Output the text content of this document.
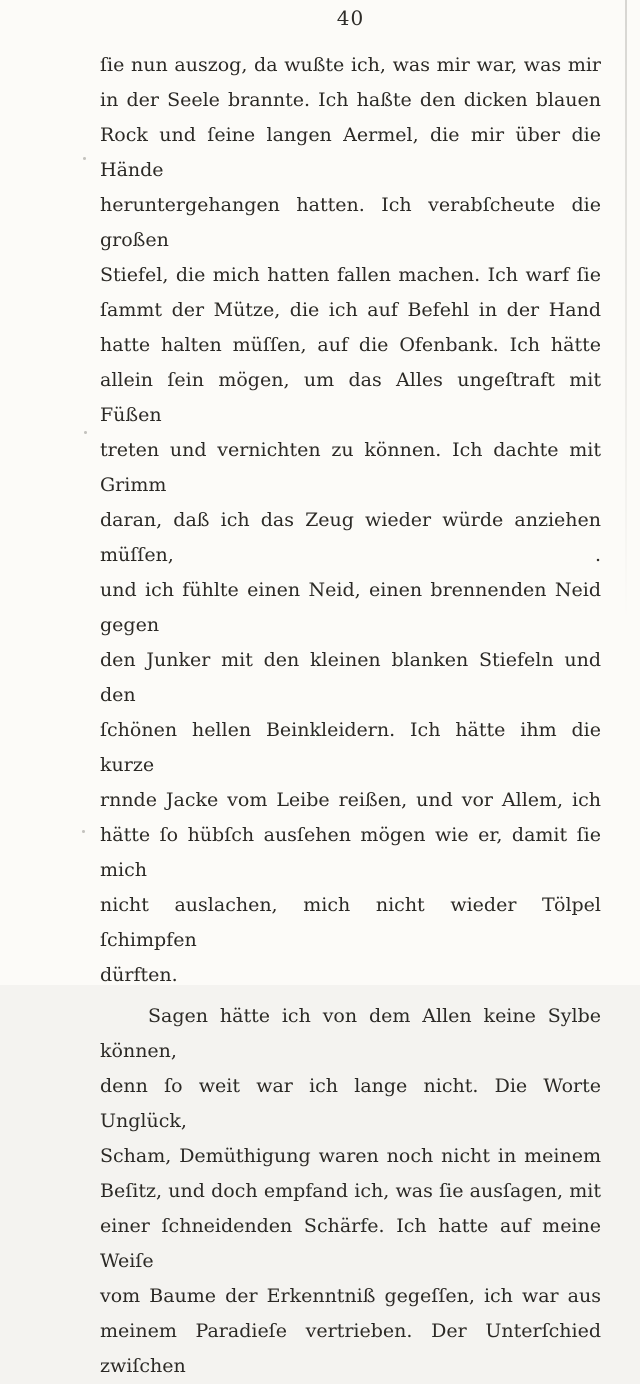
40
ſie nun auszog, da wußte ich, was mir war, was mir
in der Seele brannte. Ich haßte den dicken blauen
Rock und ſeine langen Aermel, die mir über die Hände
heruntergehangen hatten. Ich verabſcheute die großen
Stiefel, die mich hatten fallen machen. Ich warf ſie
ſammt der Mütze, die ich auf Befehl in der Hand
hatte halten müſſen, auf die Ofenbank. Ich hätte
allein ſein mögen, um das Alles ungeſtraft mit Füßen
treten und vernichten zu können. Ich dachte mit Grimm
daran, daß ich das Zeug wieder würde anziehen müſſen, .
und ich fühlte einen Neid, einen brennenden Neid gegen
den Junker mit den kleinen blanken Stiefeln und den
ſchönen hellen Beinkleidern. Ich hätte ihm die kurze
rnnde Jacke vom Leibe reißen, und vor Allem, ich
hätte ſo hübſch ausſehen mögen wie er, damit ſie mich
nicht auslachen, mich nicht wieder Tölpel ſchimpfen
dürften.
Sagen hätte ich von dem Allen keine Sylbe können,
denn ſo weit war ich lange nicht. Die Worte Unglück,
Scham, Demüthigung waren noch nicht in meinem
Beſitz, und doch empfand ich, was ſie ausſagen, mit
einer ſchneidenden Schärfe. Ich hatte auf meine Weiſe
vom Baume der Erkenntniß gegeſſen, ich war aus
meinem Paradieſe vertrieben. Der Unterſchied zwiſchen
